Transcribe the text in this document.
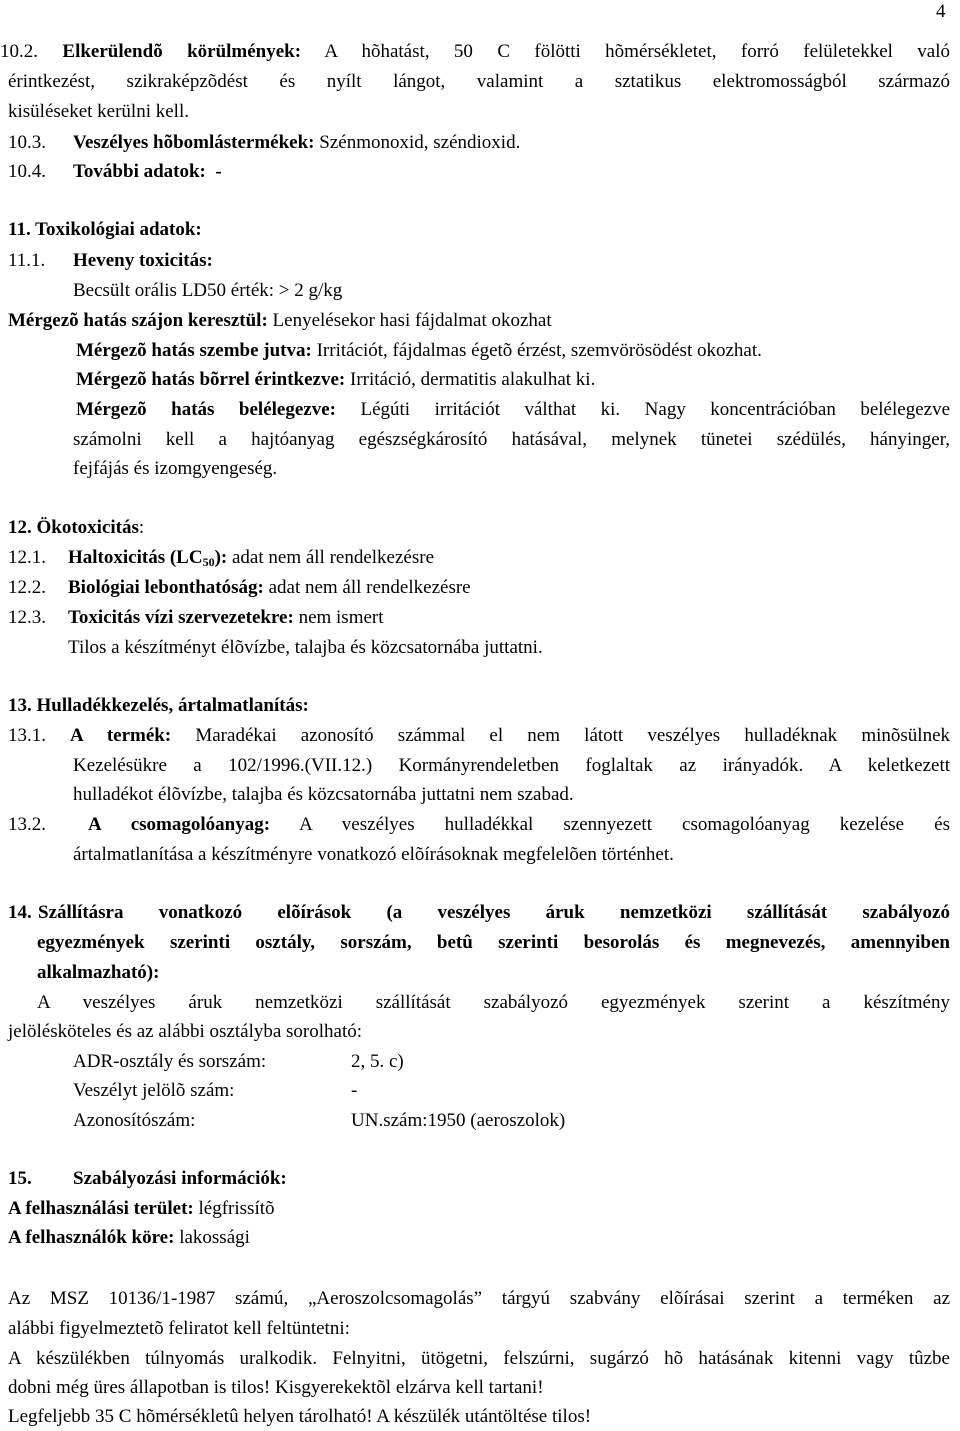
4
10.2. Elkerülendõ körülmények: A hõhatást, 50 C fölötti hõmérsékletet, forró felületekkel való
érintkezést, szikraképzõdést és nyílt lángot, valamint a sztatikus elektromosságból származó
kisüléseket kerülni kell.
10.3. Veszélyes hõbomlástermékek: Szénmonoxid, széndioxid.
10.4. További adatok: -
11. Toxikológiai adatok:
11.1. Heveny toxicitás:
Becsült orális LD50 érték: > 2 g/kg
Mérgezõ hatás szájon keresztül: Lenyelésekor hasi fájdalmat okozhat
Mérgezõ hatás szembe jutva: Irritációt, fájdalmas égetõ érzést, szemvörösödést okozhat.
Mérgezõ hatás bõrrel érintkezve: Irritáció, dermatitis alakulhat ki.
Mérgezõ hatás belélegezve: Légúti irritációt válthat ki. Nagy koncentrációban belélegezve
számolni kell a hajtóanyag egészségkárosító hatásával, melynek tünetei szédülés, hányinger,
fejfájás és izomgyengeség.
12. Ökotoxicitás:
12.1. Haltoxicitás $(LC_{50})$: adat nem áll rendelkezésre
12.2. Biológiai lebonthatóság: adat nem áll rendelkezésre
12.3. Toxicitás vízi szervezetekre: nem ismert
Tilos a készítményt élõvízbe, talajba és közcsatornába juttatni.
13. Hulladékkezelés, ártalmatlanítás:
13.1. A termék: Maradékai azonosító számmal el nem látott veszélyes hulladéknak minõsülnek
Kezelésükre a 102/1996.(VII.12.) Kormányrendeletben foglaltak az irányadók. A keletkezett
hulladékot élõvízbe, talajba és közcsatornába juttatni nem szabad.
13.2. A csomagolóanyag: A veszélyes hulladékkal szennyezett csomagolóanyag kezelése és
ártalmatlanítása a készítményre vonatkozó elõírásoknak megfelelõen történhet.
14. Szállításra vonatkozó elõírások (a veszélyes áruk nemzetközi szállítását szabályozó
egyezmények szerinti osztály, sorszám, betû szerinti besorolás és megnevezés, amennyiben
alkalmazható):
A veszélyes áruk nemzetközi szállítását szabályozó egyezmények szerint a készítmény
jelölésköteles és az alábbi osztályba sorolható:
ADR-osztály és sorszám:	2, 5. c)
Veszélyt jelölõ szám:	-
Azonosítószám:	UN.szám:1950 (aeroszolok)
15. Szabályozási információk:
A felhasználási terület: légfrissítõ
A felhasználók köre: lakossági
Az MSZ 10136/1-1987 számú, „Aeroszolcsomagolás” tárgyú szabvány elõírásai szerint a terméken az
alábbi figyelmeztetõ feliratot kell feltüntetni:
A készülékben túlnyomás uralkodik. Felnyitni, ütögetni, felszúrni, sugárzó hõ hatásának kitenni vagy tûzbe
dobni még üres állapotban is tilos! Kisgyerekektõl elzárva kell tartani!
Legfeljebb 35 C hõmérsékletû helyen tárolható! A készülék utántöltése tilos!
